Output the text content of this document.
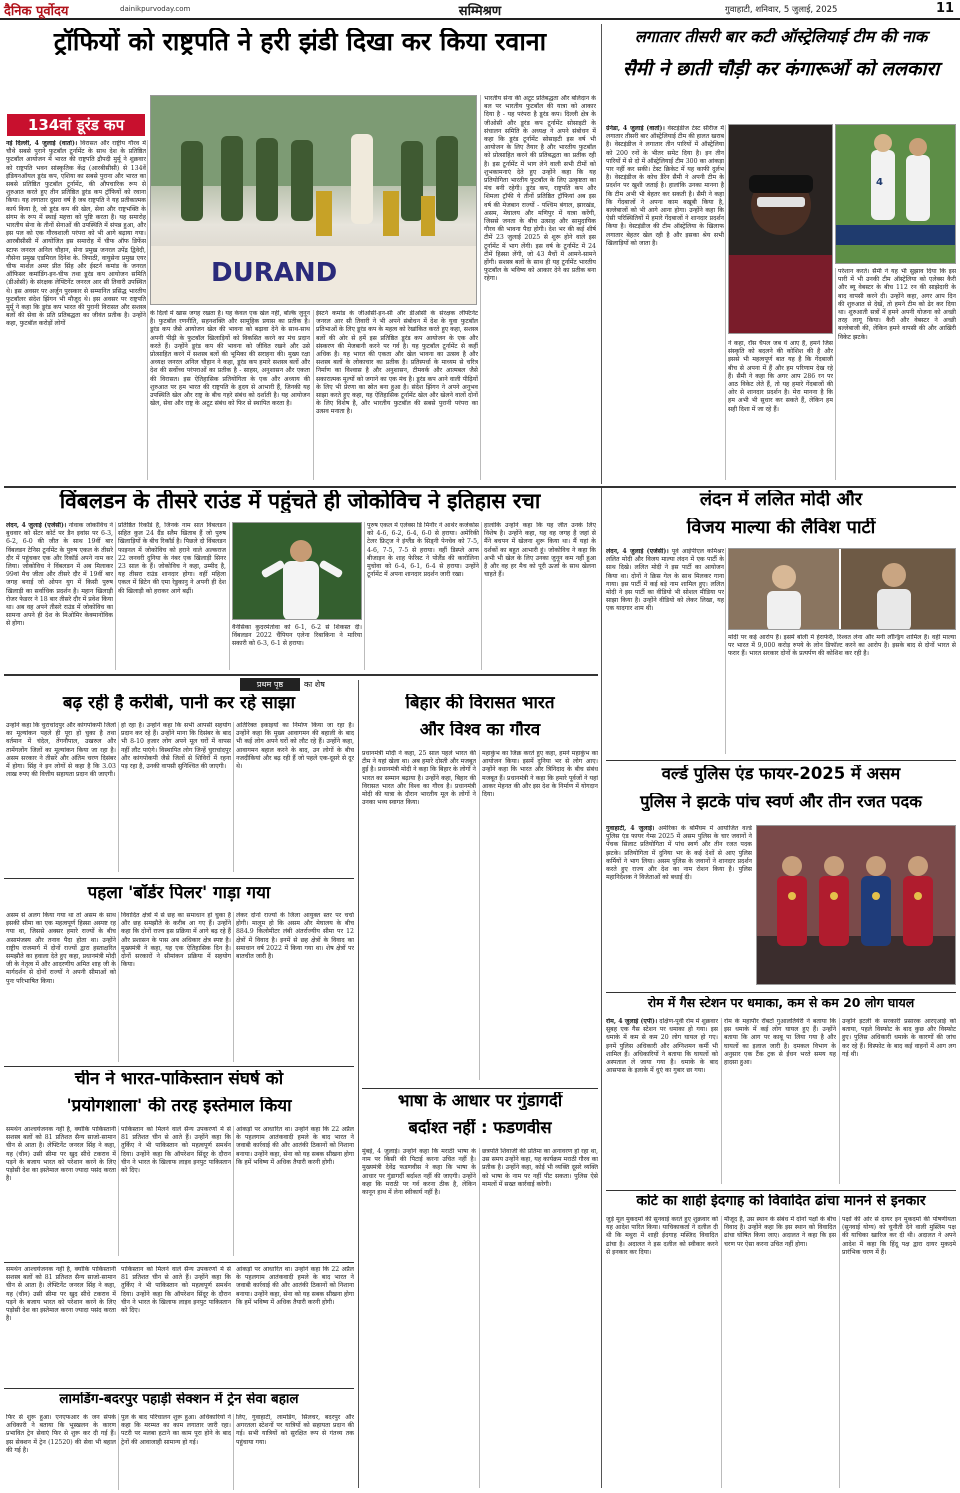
दैनिक पूर्वोदय	dainikpurvoday.com	सम्मिश्रण	गुवाहाटी, शनिवार, 5 जुलाई, 2025	11
ट्रॉफियों को राष्ट्रपति ने हरी झंडी दिखा कर किया रवाना
134वां डूरंड कप
DURAND
नई दिल्ली, 4 जुलाई (वार्ता)। विरासत और राष्ट्रीय गौरव में चौथे सबसे पुराने फुटबॉल टूर्नामेंट के साथ देश के प्रतिष्ठित फुटबॉल आयोजन में भारत की राष्ट्रपति द्रौपदी मुर्मू ने शुक्रवार को राष्ट्रपति भवन सांस्कृतिक केंद्र (आरबीसीसी) से 134वें इंडियनऑयल डूरंड कप, एशिया का सबसे पुराना और भारत का सबसे प्रतिष्ठित फुटबॉल टूर्नामेंट, की औपचारिक रूप से शुरुआत करते हुए तीन प्रतिष्ठित डूरंड कप ट्रॉफियों को रवाना किया। यह लगातार दूसरा वर्ष है जब राष्ट्रपति ने यह प्रतीकात्मक कार्य किया है, जो डूरंड कप की खेल, सेवा और राष्ट्रभक्ति के संगम के रूप में स्थाई महत्ता को पुष्टि करता है। यह समारोह भारतीय सेना के तीनों सेनाओं की उपस्थिति में संपन्न हुआ, और इस पल को एक गौरवशाली परंपरा को भी आगे बढ़ाया गया। आरबीसीसी में आयोजित इस समारोह में चीफ ऑफ डिफेंस स्टाफ जनरल अनिल चौहान, सेना प्रमुख जनरल उपेंद्र द्विवेदी, नौसेना प्रमुख एडमिरल दिनेश के. त्रिपाठी, वायुसेना प्रमुख एयर चीफ मार्शल अमर प्रीत सिंह और ईस्टर्न कमांड के जनरल ऑफिसर कमांडिंग-इन-चीफ तथा डूरंड कप आयोजन समिति (डीओसी) के संरक्षक लेफ्टिनेंट जनरल आर सी तिवारी उपस्थित थे। इस अवसर पर अर्जुन पुरस्कार से सम्मानित प्रसिद्ध भारतीय फुटबॉलर संदेश झिंगन भी मौजूद थे। इस अवसर पर राष्ट्रपति मुर्मू ने कहा कि डूरंड कप भारत की पुरानी विरासत और सशस्त्र बलों की सेवा के प्रति प्रतिबद्धता का जीवंत प्रतीक है। उन्होंने कहा, फुटबॉल करोड़ों लोगों
के दिलों में खास जगह रखता है। यह केवल एक खेल नहीं, बल्कि जुनून है। फुटबॉल रणनीति, सहनशक्ति और सामूहिक प्रयास का प्रतीक है। डूरंड कप जैसे आयोजन खेल की भावना को बढ़ावा देने के साथ-साथ अपनी पीढ़ी के फुटबॉल खिलाड़ियों को विकसित करने का मंच प्रदान करते हैं। उन्होंने डूरंड कप की भावना को जीवित रखने और उसे प्रोत्साहित करने में सशस्त्र बलों की भूमिका की सराहना की। मुख्य रक्षा अध्यक्ष जनरल अनिल चौहान ने कहा, डूरंड कप हमारे सशस्त्र बलों और देश की सर्वोच्च परंपराओं का प्रतीक है - साहस, अनुशासन और एकता की विरासत। इस ऐतिहासिक प्रतियोगिता के एक और अध्याय की शुरुआत पर हम भारत की राष्ट्रपति के हृदय से आभारी हैं, जिनकी यह उपस्थिति खेल और राष्ट्र के बीच गहरे संबंध को दर्शाती है। यह आयोजन खेल, सेवा और राष्ट्र के अटूट संबंध को फिर से स्थापित करता है।
ईस्टर्न कमांड के जीओसी-इन-सी और डीओसी के संरक्षक लेफ्टिनेंट जनरल आर सी तिवारी ने भी अपने संबोधन में देश के युवा फुटबॉल प्रतिभाओं के लिए डूरंड कप के महत्व को रेखांकित करते हुए कहा, सशस्त्र बलों की ओर से हमें इस प्रतिष्ठित डूरंड कप आयोजन के एक और संस्करण की मेजबानी करने पर गर्व है। यह फुटबॉल टूर्नामेंट से कहीं अधिक है। यह भारत की एकता और खेल भावना का उत्सव है और सशस्त्र बलों के लोकाचार का प्रतीक है। प्रतिस्पर्धा के माध्यम से चरित्र निर्माण का विश्वास है और अनुशासन, टीमवर्क और आत्मबल जैसे सकारात्मक मूल्यों को जगाने का एक मंच है। डूरंड कप आने वाली पीढ़ियों के लिए भी प्रेरणा का स्रोत बना हुआ है। संदेश झिंगन ने अपने अनुभव साझा करते हुए कहा, यह ऐतिहासिक टूर्नामेंट खेल और खेलने वालों दोनों के लिए विशेष है, और भारतीय फुटबॉल की सबसे पुरानी परंपरा का उत्सव मनाता है।
भारतीय सेना की अटूट प्रतिबद्धता और बलिदान के बल पर भारतीय फुटबॉल की यात्रा को आकार दिया है - यह परंपरा है डूरंड कप। दिल्ली क्षेत्र के जीओसी और डूरंड कप टूर्नामेंट सोसाइटी के संचालन समिति के अध्यक्ष ने अपने संबोधन में कहा कि डूरंड टूर्नामेंट सोसाइटी इस वर्ष भी आयोजन के लिए तैयार है और भारतीय फुटबॉल को प्रोत्साहित करने की प्रतिबद्धता का प्रतीक रही है। इस टूर्नामेंट में भाग लेने वाली सभी टीमों को शुभकामनाएं देते हुए उन्होंने कहा कि यह प्रतियोगिता भारतीय फुटबॉल के लिए उत्कृष्टता का मंच बनी रहेगी। डूरंड कप, राष्ट्रपति कप और शिमला ट्रॉफी ये तीनों प्रतिष्ठित ट्रॉफियां अब इस वर्ष की मेजबान राज्यों - पश्चिम बंगाल, झारखंड, असम, मेघालय और मणिपुर में यात्रा करेंगी, जिससे जनता के बीच उत्साह और सामुदायिक गौरव की भावना पैदा होगी। देश भर की कई शीर्ष टीमें 23 जुलाई 2025 से शुरू होने वाले इस टूर्नामेंट में भाग लेंगी। इस वर्ष के टूर्नामेंट में 24 टीमें हिस्सा लेंगी, जो 43 मैचों में आमने-सामने होंगी। सशस्त्र बलों के साथ ही यह टूर्नामेंट भारतीय फुटबॉल के भविष्य को आकार देने का प्रतीक बना रहेगा।
लगातार तीसरी बार कटी ऑस्ट्रेलियाई टीम की नाक
सैमी ने छाती चौड़ी कर कंगारूओं को ललकारा
ग्रेनेडा, 4 जुलाई (वार्ता)। वेस्टइंडीज टेस्ट सीरीज में लगातार तीसरी बार ऑस्ट्रेलियाई टीम की हालत खराब है। वेस्टइंडीज ने लगातार तीन पारियों में ऑस्ट्रेलिया को 200 रनों के भीतर समेट दिया है। इन तीन पारियों में से दो में ऑस्ट्रेलियाई टीम 300 का आंकड़ा पार नहीं कर सकी। टेस्ट क्रिकेट में यह काफी दुर्लभ है। वेस्टइंडीज के कोच डैरेन सैमी ने अपनी टीम के प्रदर्शन पर खुशी जताई है। हालांकि उनका मानना है कि टीम अभी भी बेहतर कर सकती है। सैमी ने कहा कि गेंदबाजों ने अपना काम बखूबी किया है, बल्लेबाजों को भी आगे आना होगा। उन्होंने कहा कि ऐसी परिस्थितियों में हमारे गेंदबाजों ने शानदार प्रदर्शन किया है। वेस्टइंडीज की टीम ऑस्ट्रेलिया के खिलाफ लगातार बेहतर खेल रही है और इसका श्रेय सभी खिलाड़ियों को जाता है।
4
ने कहा, रॉस चैपल जब ये आए हैं, हमने जिस संस्कृति को बदलने की कोशिश की है और इससे भी महत्वपूर्ण बात यह है कि गेंदबाजी बीच से अपना में हैं और हम परिणाम देख रहे हैं। सैमी ने कहा कि अगर आप 286 रन पर आठ विकेट लेते हैं, तो यह हमारे गेंदबाजों की ओर से शानदार प्रदर्शन है। मेरा मानना है कि हम अभी भी सुधार कर सकते हैं, लेकिन हम सही दिशा में जा रहे हैं।
परेशान करते। सैमी ने यह भी सुझाव दिया कि इस पारी में भी उनकी टीम ऑस्ट्रेलिया को एलेक्स कैरी और ब्यू वेबस्टर के बीच 112 रन की साझेदारी के बाद वापसी करने दी। उन्होंने कहा, अगर आप दिन की शुरुआत से देखें, तो हमने टीम को ढेर कर दिया था। शुरुआती सत्रों में हमने अपनी योजना को अच्छी तरह लागू किया। कैरी और वेबस्टर ने अच्छी बल्लेबाजी की, लेकिन हमने वापसी की और आखिरी विकेट झटके।
विंबलडन के तीसरे राउंड में पहुंचते ही जोकोविच ने इतिहास रचा
लंदन, 4 जुलाई (एजेंसी)। नोवाक जोकोविच ने बुधवार को सेंटर कोर्ट पर डैन इवांस पर 6-3, 6-2, 6-0 की जीत के साथ 19वीं बार विंबलडन टेनिस टूर्नामेंट के पुरुष एकल के तीसरे दौर में पहुंचकर एक और रिकॉर्ड अपने नाम कर लिया। जोकोविच ने विंबलडन में अब मिलाकर 99वां मैच जीता और तीसरे दौर में 19वीं बार जगह बनाई जो ओपन युग में किसी पुरुष खिलाड़ी का सर्वाधिक प्रदर्शन है। महान खिलाड़ी रोजर फेडरर ने 18 बार तीसरे दौर में प्रवेश किया था। अब वह अपने तीसरे राउंड में जोकोविच का सामना अपने ही देश के मिओमिर केक्मानोविक से होगा।
प्रतिष्ठित रिकॉर्ड है, जिनके नाम सात विंबलडन सहित कुल 24 ग्रैंड स्लैम खिताब हैं जो पुरुष खिलाड़ियों के बीच रिकॉर्ड है। पिछले दो विंबलडन फाइनल में जोकोविच को हराने वाले अल्कराज 22 जनवरी दुनिया के नंबर एक खिलाड़ी सिनर 23 साल के हैं। जोकोविच ने कहा, उम्मीद है, यह तीसरा राउंड शानदार होगा। वहीं महिला एकल में ब्रिटेन की एमा रेडुकानु ने अपनी ही देश की खिलाड़ी को हराकर आगे बढ़ीं।
वैनेसिका कुदरमेतोवा को 6-1, 6-2 से शिकस्त दी। विंबलडन 2022 चैंपियन एलेना रिबाकिना ने मारिया सकारी को 6-3, 6-1 से हराया।
पुरुष एकल में एलेक्स डि मिनौर ने आर्थर कजेकोस को 4-6, 6-2, 6-4, 6-0 से हराया। अमेरिकी टेलर फ्रिट्ज ने इंग्लैंड के सिड्नी पेनचेव को 7-5, 4-6, 7-5, 7-5 से हराया। वहीं डिस्प्ले आफ बीजाइन के शाह फेरिस्ट ने पोलैंड की कारोलिना मुचोवा को 6-4, 6-1, 6-4 से हराया। उन्होंने टूर्नामेंट में अपना शानदार प्रदर्शन जारी रखा।
हालांकि उन्होंने कहा कि यह जीत उनके लिए विशेष है। उन्होंने कहा, यह वह जगह है जहां से मैंने बचपन में खेलना शुरू किया था। मैं यहां के दर्शकों का बहुत आभारी हूं। जोकोविच ने कहा कि अभी भी खेल के लिए उनका जुनून कम नहीं हुआ है और वह हर मैच को पूरी ऊर्जा के साथ खेलना चाहते हैं।
लंदन में ललित मोदी और
विजय माल्या की लैविश पार्टी
लंदन, 4 जुलाई (एजेंसी)। पूर्व आईपीएल कमिश्नर ललित मोदी और विजय माल्या लंदन में एक पार्टी के साथ दिखे। ललित मोदी ने इस पार्टी का आयोजन किया था। दोनों ने क्रिस गेल के साथ मिलकर गाना गाया। इस पार्टी में कई बड़े नाम शामिल हुए। ललित मोदी ने इस पार्टी का वीडियो भी सोशल मीडिया पर साझा किया है। उन्होंने वीडियो को लेकर लिखा, यह एक यादगार शाम थी।
मोदी पर कई आरोप हैं। इसमें बोली में हेराफेरी, रिश्वत लेना और मनी लॉन्ड्रिंग शामिल हैं। वहीं माल्या पर भारत में 9,000 करोड़ रुपये के लोन डिफॉल्ट करने का आरोप है। इसके बाद से दोनों भारत से फरार हैं। भारत सरकार दोनों के प्रत्यर्पण की कोशिश कर रही है।
वर्ल्ड पुलिस एंड फायर-2025 में असम
पुलिस ने झटके पांच स्वर्ण और तीन रजत पदक
गुवाहाटी, 4 जुलाई। अमेरिका के बर्मिंघम में आयोजित वर्ल्ड पुलिस एंड फायर गेम्स 2025 में असम पुलिस के चार जवानों ने पेंचक सिलाट प्रतियोगिता में पांच स्वर्ण और तीन रजत पदक झटके। प्रतियोगिता में दुनिया भर के कई देशों से आए पुलिस कर्मियों ने भाग लिया। असम पुलिस के जवानों ने शानदार प्रदर्शन करते हुए राज्य और देश का नाम रोशन किया है। पुलिस महानिदेशक ने विजेताओं को बधाई दी।
रोम में गैस स्टेशन पर धमाका, कम से कम 20 लोग घायल
रोम, 4 जुलाई (एपी)। दक्षिण-पूर्वी रोम में शुक्रवार सुबह एक गैस स्टेशन पर धमाका हो गया। इस धमाके में कम से कम 20 लोग घायल हो गए। इनमें पुलिस अधिकारी और अग्निशमन कर्मी भी शामिल हैं। अधिकारियों ने बताया कि घायलों को अस्पताल ले जाया गया है। धमाके के बाद आसपास के इलाके में धुएं का गुबार छा गया।
रोम के महापौर रॉबर्टो गुआलतियेरी ने बताया कि इस धमाके में कई लोग घायल हुए हैं। उन्होंने बताया कि आग पर काबू पा लिया गया है और घायलों का इलाज जारी है। दमकल विभाग के अनुसार एक टैंक ट्रक से ईंधन भरते समय यह हादसा हुआ।
उन्होंने इटली के सरकारी प्रसारक आरएआई को बताया, पहले विस्फोट के बाद कुछ और विस्फोट हुए। पुलिस अधिकारी धमाके के कारणों की जांच कर रहे हैं। विस्फोट के बाद कई वाहनों में आग लग गई थी।
कोर्ट का शाही ईदगाह को विवादित ढांचा मानने से इनकार
जुड़े मूल मुकदमों की सुनवाई करते हुए शुक्रवार को यह आदेश पारित किया। याचिकाकर्ता ने दलील दी थी कि मथुरा में शाही ईदगाह मस्जिद विवादित ढांचा है। अदालत ने इस दलील को स्वीकार करने से इनकार कर दिया।
मौजूद है, उस स्थान के संबंध में दोनों पक्षों के बीच विवाद है। उन्होंने कहा कि इस स्थान को विवादित ढांचा घोषित किया जाए। अदालत ने कहा कि इस चरण पर ऐसा करना उचित नहीं होगा।
पक्षों की ओर से दायर इन मुकदमों की पोषणीयता (सुनवाई योग्य) को चुनौती देने वाली मुस्लिम पक्ष की याचिका खारिज कर दी थी। अदालत ने अपने आदेश में कहा कि हिंदू पक्ष द्वारा दायर मुकदमे प्रारंभिक चरण में हैं।
प्रथम पृष्ठ	का शेष
बढ़ रही है करीबी, पानी कर रहे साझा
उन्होंने कहा कि चुराचांदपुर और कांगपोकपी जिलों का मूल्यांकन पहले ही पूरा हो चुका है तथा वर्तमान में चंदेल, तेंगनौपाल, उखरुल और तामेंगलोंग जिलों का मूल्यांकन किया जा रहा है। असम सरकार ने तीसरे और अंतिम चरण दिसंबर में होगा। सिंह ने इन लोगों से कहा है कि 3.03 लाख रुपए की वित्तीय सहायता प्रदान की जाएगी।
हो रहा है। उन्होंने कहा कि सभी आपसी सहयोग प्रदान कर रहे हैं। उन्होंने माना कि दिसंबर के बाद भी 8-10 हजार लोग अपने मूल घरों में वापस नहीं लौट पाएंगे। विस्थापित लोग जिन्हें चुराचांदपुर और कांगपोकपी जैसे जिलों से शिविरों में रहना पड़ रहा है, उनकी वापसी सुनिश्चित की जाएगी।
अतिरिक्त इकाइयों का निर्माण किया जा रहा है। उन्होंने कहा कि मुख्य आवागमन की बहाली के बाद भी कई लोग अपने घरों को लौट रहे हैं। उन्होंने कहा, आवागमन बहाल करने के बाद, उन लोगों के बीच नजदीकियां और बढ़ रही हैं जो पहले एक-दूसरे से दूर थे।
पहला 'बॉर्डर पिलर' गाड़ा गया
असम से अलग किया गया था तो असम के साथ इसकी सीमा का एक महत्वपूर्ण हिस्सा अस्पष्ट रह गया था, जिससे अक्सर हमारे राज्यों के बीच असामंजस्य और तनाव पैदा होता था। उन्होंने राष्ट्रीय राजमार्ग में दोनों राज्यों द्वारा हस्ताक्षरित समझौते का हवाला देते हुए कहा, प्रधानमंत्री मोदी जी के नेतृत्व में और आदरणीय अमित शाह जी के मार्गदर्शन से दोनों राज्यों ने अपनी सीमाओं को पुनः परिभाषित किया।
विवादित क्षेत्रों में से छह का समाधान हो चुका है और छह समझौते के करीब आ गए हैं। उन्होंने कहा कि दोनों राज्य इस प्रक्रिया में आगे बढ़ रहे हैं और प्रशासन के पास अब अधिकार क्षेत्र स्पष्ट है। मुख्यमंत्री ने कहा, यह एक ऐतिहासिक दिन है। दोनों सरकारों ने सीमांकन प्रक्रिया में सहयोग किया।
लेकर दोनों राज्यों के जिला आयुक्त स्तर पर चर्चा होगी। मालूम हो कि असम और मेघालय के बीच 884.9 किलोमीटर लंबी अंतर्राज्यीय सीमा पर 12 क्षेत्रों में विवाद है। इनमें से छह क्षेत्रों के विवाद का समाधान वर्ष 2022 में किया गया था। शेष क्षेत्रों पर बातचीत जारी है।
चीन ने भारत-पाकिस्तान संघर्ष को
'प्रयोगशाला' की तरह इस्तेमाल किया
समर्थन आश्चर्यजनक नहीं है, क्योंकि पाकिस्तानी सशस्त्र बलों को 81 प्रतिशत सैन्य साजो-सामान चीन से आता है। लेफ्टिनेंट जनरल सिंह ने कहा, यह (चीन) उसी सीमा पर खुद सीधे टकराव में पड़ने के बजाय भारत को परेशान करने के लिए पड़ोसी देश का इस्तेमाल करना ज्यादा पसंद करता है।
पाकिस्तान को मिलने वाले सैन्य उपकरणों में से 81 प्रतिशत चीन से आते हैं। उन्होंने कहा कि तुर्किए ने भी पाकिस्तान को महत्वपूर्ण समर्थन दिया। उन्होंने कहा कि ऑपरेशन सिंदूर के दौरान चीन ने भारत के खिलाफ लाइव इनपुट पाकिस्तान को दिए।
आंकड़ों पर आधारित था। उन्होंने कहा कि 22 अप्रैल के पहलगाम आतंकवादी हमले के बाद भारत ने जवाबी कार्रवाई की और आतंकी ठिकानों को निशाना बनाया। उन्होंने कहा, सेना को यह सबक सीखना होगा कि हमें भविष्य में अधिक तैयारी करनी होगी।
लामडिंग-बदरपुर पहाड़ी सेक्शन में ट्रेन सेवा बहाल
फिर से शुरू हुआ। एनएफआर के जन संपर्क अधिकारी ने बताया कि भूस्खलन के कारण प्रभावित ट्रेन सेवाएं फिर से शुरू कर दी गई हैं। इस सेक्शन में ट्रेन (12520) की सेवा भी बहाल की गई है।
पुल के बाद परिचालन शुरू हुआ। अधिकारियों ने कहा कि मरम्मत का काम लगातार जारी रहा। पटरी पर मलबा हटाने का काम पूरा होने के बाद ट्रेनों की आवाजाही सामान्य हो गई।
लिए, गुवाहाटी, लामडिंग, सिलचर, बदरपुर और अगरतला स्टेशनों पर यात्रियों को सहायता प्रदान की गई। सभी यात्रियों को सुरक्षित रूप से गंतव्य तक पहुंचाया गया।
समर्थन आश्चर्यजनक नहीं है, क्योंकि पाकिस्तानी सशस्त्र बलों को 81 प्रतिशत सैन्य साजो-सामान चीन से आता है। लेफ्टिनेंट जनरल सिंह ने कहा, यह (चीन) उसी सीमा पर खुद सीधे टकराव में पड़ने के बजाय भारत को परेशान करने के लिए पड़ोसी देश का इस्तेमाल करना ज्यादा पसंद करता है।
पाकिस्तान को मिलने वाले सैन्य उपकरणों में से 81 प्रतिशत चीन से आते हैं। उन्होंने कहा कि तुर्किए ने भी पाकिस्तान को महत्वपूर्ण समर्थन दिया। उन्होंने कहा कि ऑपरेशन सिंदूर के दौरान चीन ने भारत के खिलाफ लाइव इनपुट पाकिस्तान को दिए।
आंकड़ों पर आधारित था। उन्होंने कहा कि 22 अप्रैल के पहलगाम आतंकवादी हमले के बाद भारत ने जवाबी कार्रवाई की और आतंकी ठिकानों को निशाना बनाया। उन्होंने कहा, सेना को यह सबक सीखना होगा कि हमें भविष्य में अधिक तैयारी करनी होगी।
बिहार की विरासत भारत
और विश्व का गौरव
प्रधानमंत्री मोदी ने कहा, 25 साल पहले भारत की टीम ने यहां खेला था। अब हमारे दोस्ती और मजबूत हुई है। प्रधानमंत्री मोदी ने कहा कि बिहार के लोगों ने भारत का सम्मान बढ़ाया है। उन्होंने कहा, बिहार की विरासत भारत और विश्व का गौरव है। प्रधानमंत्री मोदी की यात्रा के दौरान भारतीय मूल के लोगों ने उनका भव्य स्वागत किया।
महाकुंभ का जिक्र करते हुए कहा, हमने महाकुंभ का आयोजन किया। इसमें दुनिया भर से लोग आए। उन्होंने कहा कि भारत और त्रिनिदाद के बीच संबंध मजबूत हैं। प्रधानमंत्री ने कहा कि हमारे पूर्वजों ने यहां आकर मेहनत की और इस देश के निर्माण में योगदान दिया।
भाषा के आधार पर गुंडागर्दी
बर्दाश्त नहीं : फडणवीस
मुंबई, 4 जुलाई। उन्होंने कहा कि मराठी भाषा के नाम पर किसी की पिटाई करना उचित नहीं है। मुख्यमंत्री देवेंद्र फडणवीस ने कहा कि भाषा के आधार पर गुंडागर्दी बर्दाश्त नहीं की जाएगी। उन्होंने कहा कि मराठी पर गर्व करना ठीक है, लेकिन कानून हाथ में लेना स्वीकार्य नहीं है।
छत्रपति शिवाजी की प्रतिमा का अनावरण हो रहा था, उस समय उन्होंने कहा, यह कार्यक्रम मराठी गौरव का प्रतीक है। उन्होंने कहा, कोई भी व्यक्ति दूसरे व्यक्ति को भाषा के नाम पर नहीं पीट सकता। पुलिस ऐसे मामलों में सख्त कार्रवाई करेगी।
